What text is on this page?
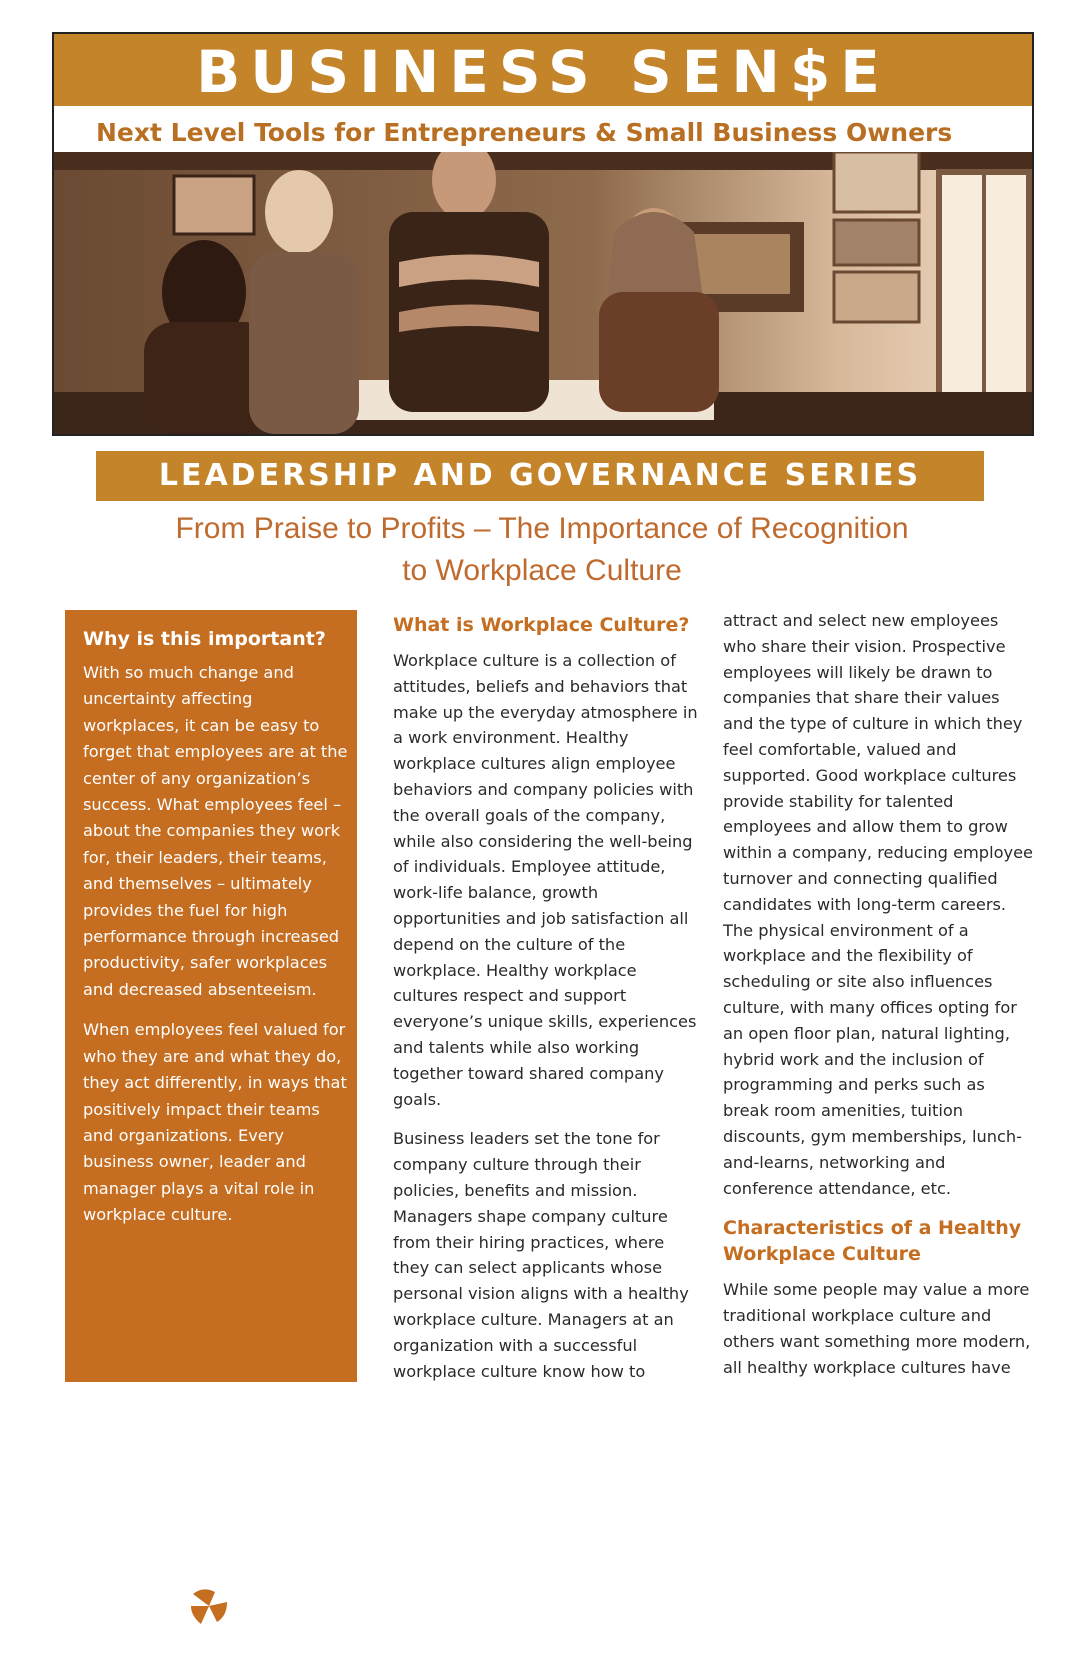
BUSINESS SEN$E
Next Level Tools for Entrepreneurs & Small Business Owners
LEADERSHIP AND GOVERNANCE SERIES
From Praise to Profits – The Importance of Recognition
to Workplace Culture
Why is this important?

With so much change and uncertainty affecting workplaces, it can be easy to forget that employees are at the center of any organization’s success. What employees feel – about the companies they work for, their leaders, their teams, and themselves – ultimately provides the fuel for high performance through increased productivity, safer workplaces and decreased absenteeism.

When employees feel valued for who they are and what they do, they act differently, in ways that positively impact their teams and organizations. Every business owner, leader and manager plays a vital role in workplace culture.

Vermont Sustainable Jobs Fund
What is Workplace Culture?

Workplace culture is a collection of attitudes, beliefs and behaviors that make up the everyday atmosphere in a work environment. Healthy workplace cultures align employee behaviors and company policies with the overall goals of the company, while also considering the well-being of individuals. Employee attitude, work-life balance, growth opportunities and job satisfaction all depend on the culture of the workplace. Healthy workplace cultures respect and support everyone’s unique skills, experiences and talents while also working together toward shared company goals.

Business leaders set the tone for company culture through their policies, benefits and mission. Managers shape company culture from their hiring practices, where they can select applicants whose personal vision aligns with a healthy workplace culture. Managers at an organization with a successful workplace culture know how to

attract and select new employees who share their vision. Prospective employees will likely be drawn to companies that share their values and the type of culture in which they feel comfortable, valued and supported. Good workplace cultures provide stability for talented employees and allow them to grow within a company, reducing employee turnover and connecting qualified candidates with long-term careers. The physical environment of a workplace and the flexibility of scheduling or site also influences culture, with many offices opting for an open floor plan, natural lighting, hybrid work and the inclusion of programming and perks such as break room amenities, tuition discounts, gym memberships, lunch-and-learns, networking and conference attendance, etc.

Characteristics of a Healthy Workplace Culture

While some people may value a more traditional workplace culture and others want something more modern, all healthy workplace cultures have
